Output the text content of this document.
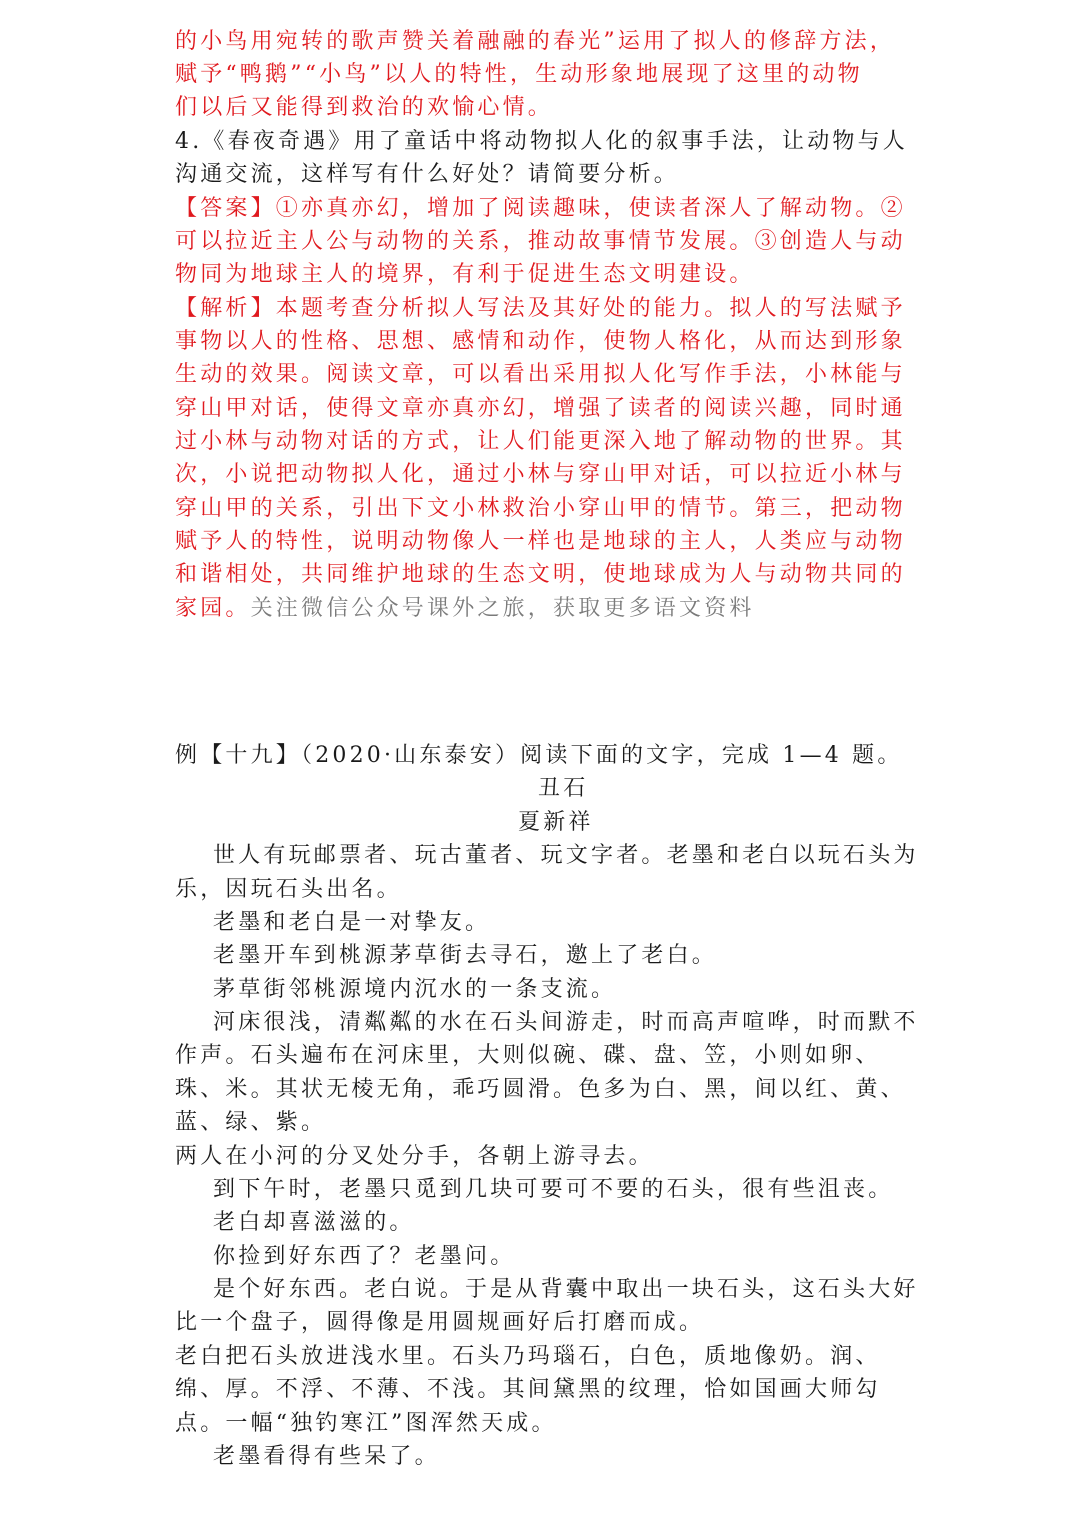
的小鸟用宛转的歌声赞关着融融的春光”运用了拟人的修辞方法，
赋予“鸭鹅”“小鸟”以人的特性，生动形象地展现了这里的动物
们以后又能得到救治的欢愉心情。
4.《春夜奇遇》用了童话中将动物拟人化的叙事手法，让动物与人
沟通交流，这样写有什么好处？请简要分析。
【答案】①亦真亦幻，增加了阅读趣味，使读者深人了解动物。②
可以拉近主人公与动物的关系，推动故事情节发展。③创造人与动
物同为地球主人的境界，有利于促进生态文明建设。
【解析】本题考查分析拟人写法及其好处的能力。拟人的写法赋予
事物以人的性格、思想、感情和动作，使物人格化，从而达到形象
生动的效果。阅读文章，可以看出采用拟人化写作手法，小林能与
穿山甲对话，使得文章亦真亦幻，增强了读者的阅读兴趣，同时通
过小林与动物对话的方式，让人们能更深入地了解动物的世界。其
次，小说把动物拟人化，通过小林与穿山甲对话，可以拉近小林与
穿山甲的关系，引出下文小林救治小穿山甲的情节。第三，把动物
赋予人的特性，说明动物像人一样也是地球的主人，人类应与动物
和谐相处，共同维护地球的生态文明，使地球成为人与动物共同的
家园。关注微信公众号课外之旅，获取更多语文资料
例【十九】（2020·山东泰安）阅读下面的文字，完成 1—4 题。
丑石
夏新祥
世人有玩邮票者、玩古董者、玩文字者。老墨和老白以玩石头为
乐，因玩石头出名。
老墨和老白是一对挚友。
老墨开车到桃源茅草街去寻石，邀上了老白。
茅草街邻桃源境内沉水的一条支流。
河床很浅，清粼粼的水在石头间游走，时而高声喧哗，时而默不
作声。石头遍布在河床里，大则似碗、碟、盘、笠，小则如卵、
珠、米。其状无棱无角，乖巧圆滑。色多为白、黑，间以红、黄、
蓝、绿、紫。
两人在小河的分叉处分手，各朝上游寻去。
到下午时，老墨只觅到几块可要可不要的石头，很有些沮丧。
老白却喜滋滋的。
你捡到好东西了？老墨问。
是个好东西。老白说。于是从背囊中取出一块石头，这石头大好
比一个盘子，圆得像是用圆规画好后打磨而成。
老白把石头放进浅水里。石头乃玛瑙石，白色，质地像奶。润、
绵、厚。不浮、不薄、不浅。其间黛黑的纹理，恰如国画大师勾
点。一幅“独钓寒江”图浑然天成。
老墨看得有些呆了。
